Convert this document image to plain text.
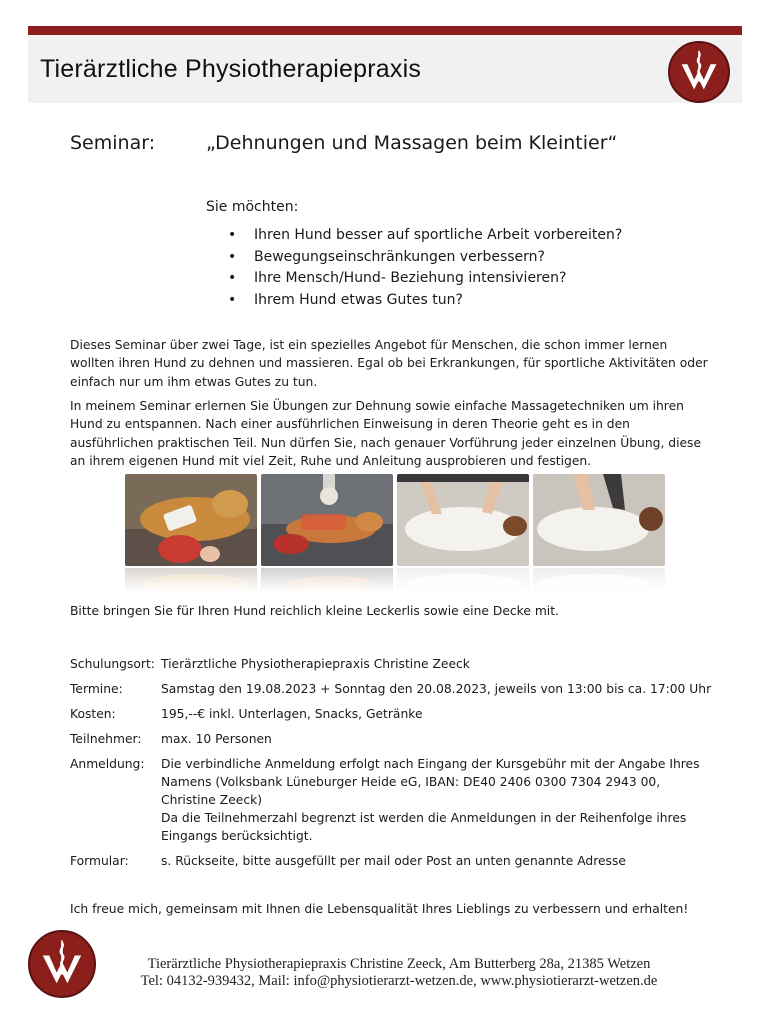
Tierärztliche Physiotherapiepraxis
Seminar:	„Dehnungen und Massagen beim Kleintier“
Sie möchten:
• Ihren Hund besser auf sportliche Arbeit vorbereiten?
• Bewegungseinschränkungen verbessern?
• Ihre Mensch/Hund- Beziehung intensivieren?
• Ihrem Hund etwas Gutes tun?

Dieses Seminar über zwei Tage, ist ein spezielles Angebot für Menschen, die schon immer lernen wollten ihren Hund zu dehnen und massieren. Egal ob bei Erkrankungen, für sportliche Aktivitäten oder einfach nur um ihm etwas Gutes zu tun.

In meinem Seminar erlernen Sie Übungen zur Dehnung sowie einfache Massagetechniken um ihren Hund zu entspannen. Nach einer ausführlichen Einweisung in deren Theorie geht es in den ausführlichen praktischen Teil. Nun dürfen Sie, nach genauer Vorführung jeder einzelnen Übung, diese an ihrem eigenen Hund mit viel Zeit, Ruhe und Anleitung ausprobieren und festigen.

Bitte bringen Sie für Ihren Hund reichlich kleine Leckerlis sowie eine Decke mit.
Schulungsort: Tierärztliche Physiotherapiepraxis Christine Zeeck
Termine:	Samstag den 19.08.2023 + Sonntag den 20.08.2023, jeweils von 13:00 bis ca. 17:00 Uhr
Kosten:	195,--€ inkl. Unterlagen, Snacks, Getränke
Teilnehmer:	max. 10 Personen
Anmeldung:	Die verbindliche Anmeldung erfolgt nach Eingang der Kursgebühr mit der Angabe Ihres
Namens (Volksbank Lüneburger Heide eG, IBAN: DE40 2406 0300 7304 2943 00,
Christine Zeeck)
Da die Teilnehmerzahl begrenzt ist werden die Anmeldungen in der Reihenfolge ihres
Eingangs berücksichtigt.
Formular:	s. Rückseite, bitte ausgefüllt per mail oder Post an unten genannte Adresse
Ich freue mich, gemeinsam mit Ihnen die Lebensqualität Ihres Lieblings zu verbessern und erhalten!
Tierärztliche Physiotherapiepraxis Christine Zeeck, Am Butterberg 28a, 21385 Wetzen
Tel: 04132-939432, Mail: info@physiotierarzt-wetzen.de, www.physiotierarzt-wetzen.de
